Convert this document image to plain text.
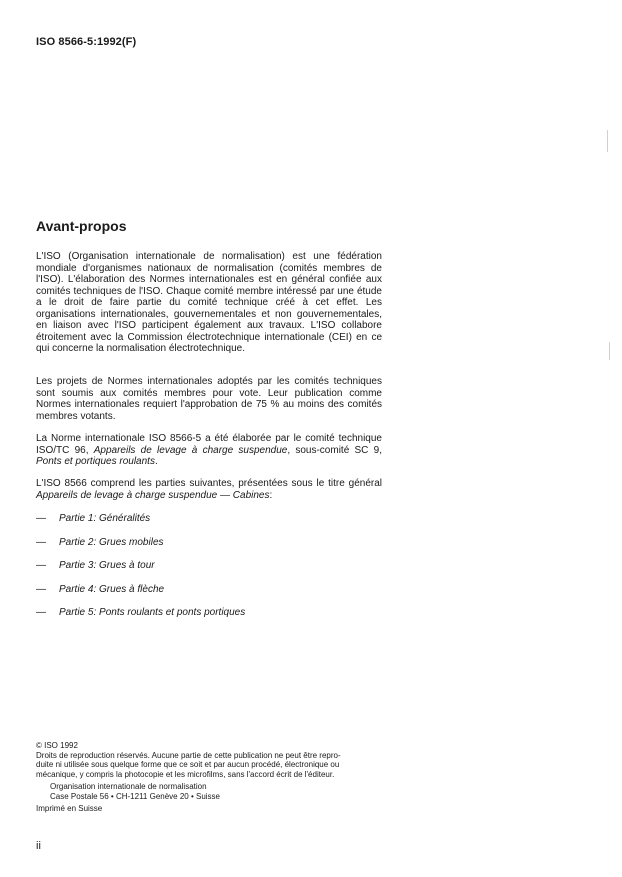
ISO 8566-5:1992(F)
Avant-propos

L'ISO (Organisation internationale de normalisation) est une fédération mondiale d'organismes nationaux de normalisation (comités membres de l'ISO). L'élaboration des Normes internationales est en général confiée aux comités techniques de l'ISO. Chaque comité membre intéressé par une étude a le droit de faire partie du comité technique créé à cet effet. Les organisations internationales, gouvernementales et non gouvernementales, en liaison avec l'ISO participent également aux travaux. L'ISO collabore étroitement avec la Commission électrotechnique internationale (CEI) en ce qui concerne la normalisation électrotechnique.

Les projets de Normes internationales adoptés par les comités techniques sont soumis aux comités membres pour vote. Leur publication comme Normes internationales requiert l'approbation de 75 % au moins des comités membres votants.

La Norme internationale ISO 8566-5 a été élaborée par le comité technique ISO/TC 96, Appareils de levage à charge suspendue, sous-comité SC 9, Ponts et portiques roulants.

L'ISO 8566 comprend les parties suivantes, présentées sous le titre général Appareils de levage à charge suspendue — Cabines:

— Partie 1: Généralités
— Partie 2: Grues mobiles
— Partie 3: Grues à tour
— Partie 4: Grues à flèche
— Partie 5: Ponts roulants et ponts portiques
© ISO 1992
Droits de reproduction réservés. Aucune partie de cette publication ne peut être repro-
duite ni utilisée sous quelque forme que ce soit et par aucun procédé, électronique ou
mécanique, y compris la photocopie et les microfilms, sans l'accord écrit de l'éditeur.
Organisation internationale de normalisation
Case Postale 56 • CH-1211 Genève 20 • Suisse
Imprimé en Suisse
ii
